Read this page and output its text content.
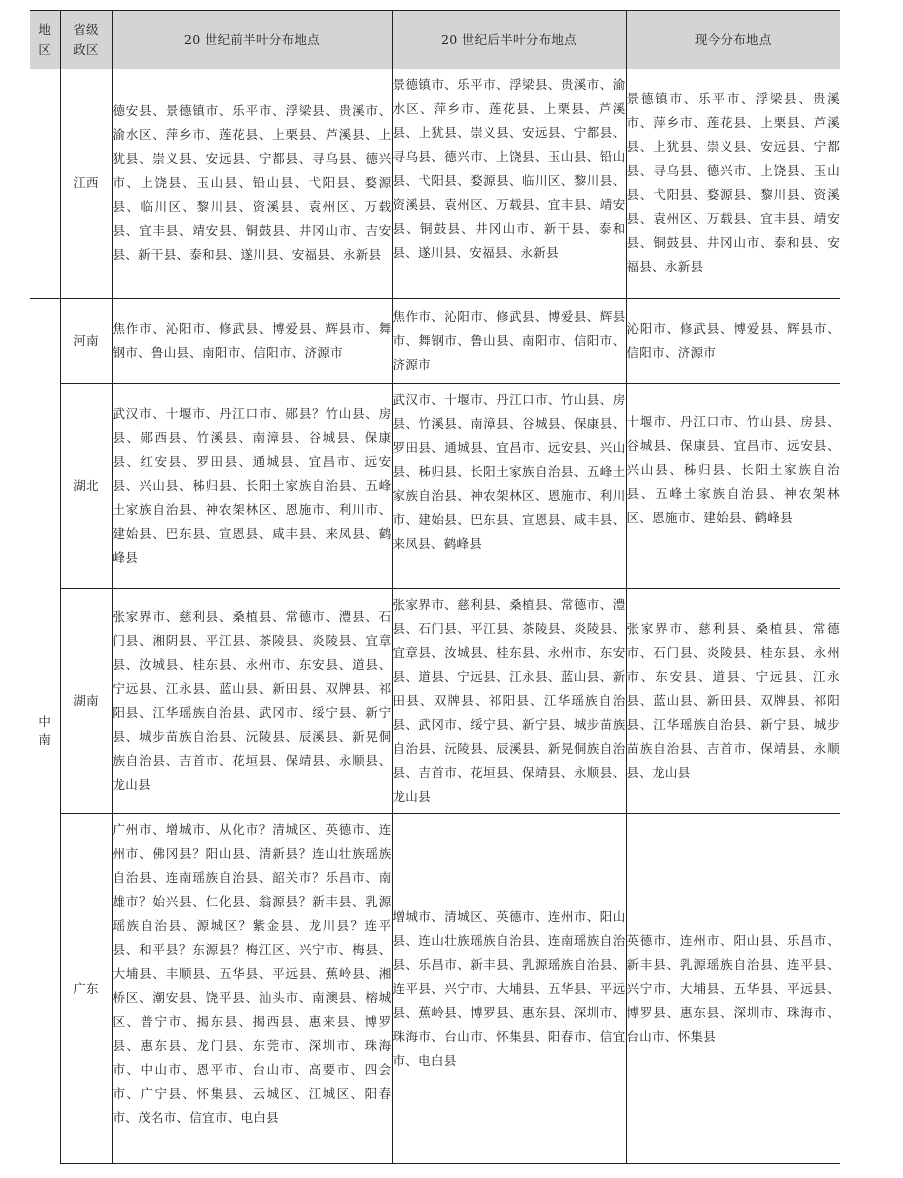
地区	省级政区	20 世纪前半叶分布地点	20 世纪后半叶分布地点	现今分布地点
	江西	德安县、景德镇市、乐平市、浮梁县、贵溪市、渝水区、萍乡市、莲花县、上栗县、芦溪县、上犹县、崇义县、安远县、宁都县、寻乌县、德兴市、上饶县、玉山县、铅山县、弋阳县、婺源县、临川区、黎川县、资溪县、袁州区、万载县、宜丰县、靖安县、铜鼓县、井冈山市、吉安县、新干县、泰和县、遂川县、安福县、永新县	景德镇市、乐平市、浮梁县、贵溪市、渝水区、萍乡市、莲花县、上栗县、芦溪县、上犹县、崇义县、安远县、宁都县、寻乌县、德兴市、上饶县、玉山县、铅山县、弋阳县、婺源县、临川区、黎川县、资溪县、袁州区、万载县、宜丰县、靖安县、铜鼓县、井冈山市、新干县、泰和县、遂川县、安福县、永新县	景德镇市、乐平市、浮梁县、贵溪市、萍乡市、莲花县、上栗县、芦溪县、上犹县、崇义县、安远县、宁都县、寻乌县、德兴市、上饶县、玉山县、弋阳县、婺源县、黎川县、资溪县、袁州区、万载县、宜丰县、靖安县、铜鼓县、井冈山市、泰和县、安福县、永新县

中南	河南	焦作市、沁阳市、修武县、博爱县、辉县市、舞钢市、鲁山县、南阳市、信阳市、济源市	焦作市、沁阳市、修武县、博爱县、辉县市、舞钢市、鲁山县、南阳市、信阳市、济源市	沁阳市、修武县、博爱县、辉县市、信阳市、济源市

	湖北	武汉市、十堰市、丹江口市、郧县？竹山县、房县、郧西县、竹溪县、南漳县、谷城县、保康县、红安县、罗田县、通城县、宜昌市、远安县、兴山县、秭归县、长阳土家族自治县、五峰土家族自治县、神农架林区、恩施市、利川市、建始县、巴东县、宣恩县、咸丰县、来凤县、鹤峰县	武汉市、十堰市、丹江口市、竹山县、房县、竹溪县、南漳县、谷城县、保康县、罗田县、通城县、宜昌市、远安县、兴山县、秭归县、长阳土家族自治县、五峰土家族自治县、神农架林区、恩施市、利川市、建始县、巴东县、宣恩县、咸丰县、来凤县、鹤峰县	十堰市、丹江口市、竹山县、房县、谷城县、保康县、宜昌市、远安县、兴山县、秭归县、长阳土家族自治县、五峰土家族自治县、神农架林区、恩施市、建始县、鹤峰县

	湖南	张家界市、慈利县、桑植县、常德市、澧县、石门县、湘阴县、平江县、茶陵县、炎陵县、宜章县、汝城县、桂东县、永州市、东安县、道县、宁远县、江永县、蓝山县、新田县、双牌县、祁阳县、江华瑶族自治县、武冈市、绥宁县、新宁县、城步苗族自治县、沅陵县、辰溪县、新晃侗族自治县、吉首市、花垣县、保靖县、永顺县、龙山县	张家界市、慈利县、桑植县、常德市、澧县、石门县、平江县、茶陵县、炎陵县、宜章县、汝城县、桂东县、永州市、东安县、道县、宁远县、江永县、蓝山县、新田县、双牌县、祁阳县、江华瑶族自治县、武冈市、绥宁县、新宁县、城步苗族自治县、沅陵县、辰溪县、新晃侗族自治县、吉首市、花垣县、保靖县、永顺县、龙山县	张家界市、慈利县、桑植县、常德市、石门县、炎陵县、桂东县、永州市、东安县、道县、宁远县、江永县、蓝山县、新田县、双牌县、祁阳县、江华瑶族自治县、新宁县、城步苗族自治县、吉首市、保靖县、永顺县、龙山县

	广东	广州市、增城市、从化市？清城区、英德市、连州市、佛冈县？阳山县、清新县？连山壮族瑶族自治县、连南瑶族自治县、韶关市？乐昌市、南雄市？始兴县、仁化县、翁源县？新丰县、乳源瑶族自治县、源城区？紫金县、龙川县？连平县、和平县？东源县？梅江区、兴宁市、梅县、大埔县、丰顺县、五华县、平远县、蕉岭县、湘桥区、潮安县、饶平县、汕头市、南澳县、榕城区、普宁市、揭东县、揭西县、惠来县、博罗县、惠东县、龙门县、东莞市、深圳市、珠海市、中山市、恩平市、台山市、高要市、四会市、广宁县、怀集县、云城区、江城区、阳春市、茂名市、信宜市、电白县	增城市、清城区、英德市、连州市、阳山县、连山壮族瑶族自治县、连南瑶族自治县、乐昌市、新丰县、乳源瑶族自治县、连平县、兴宁市、大埔县、五华县、平远县、蕉岭县、博罗县、惠东县、深圳市、珠海市、台山市、怀集县、阳春市、信宜市、电白县	英德市、连州市、阳山县、乐昌市、新丰县、乳源瑶族自治县、连平县、兴宁市、大埔县、五华县、平远县、博罗县、惠东县、深圳市、珠海市、台山市、怀集县
